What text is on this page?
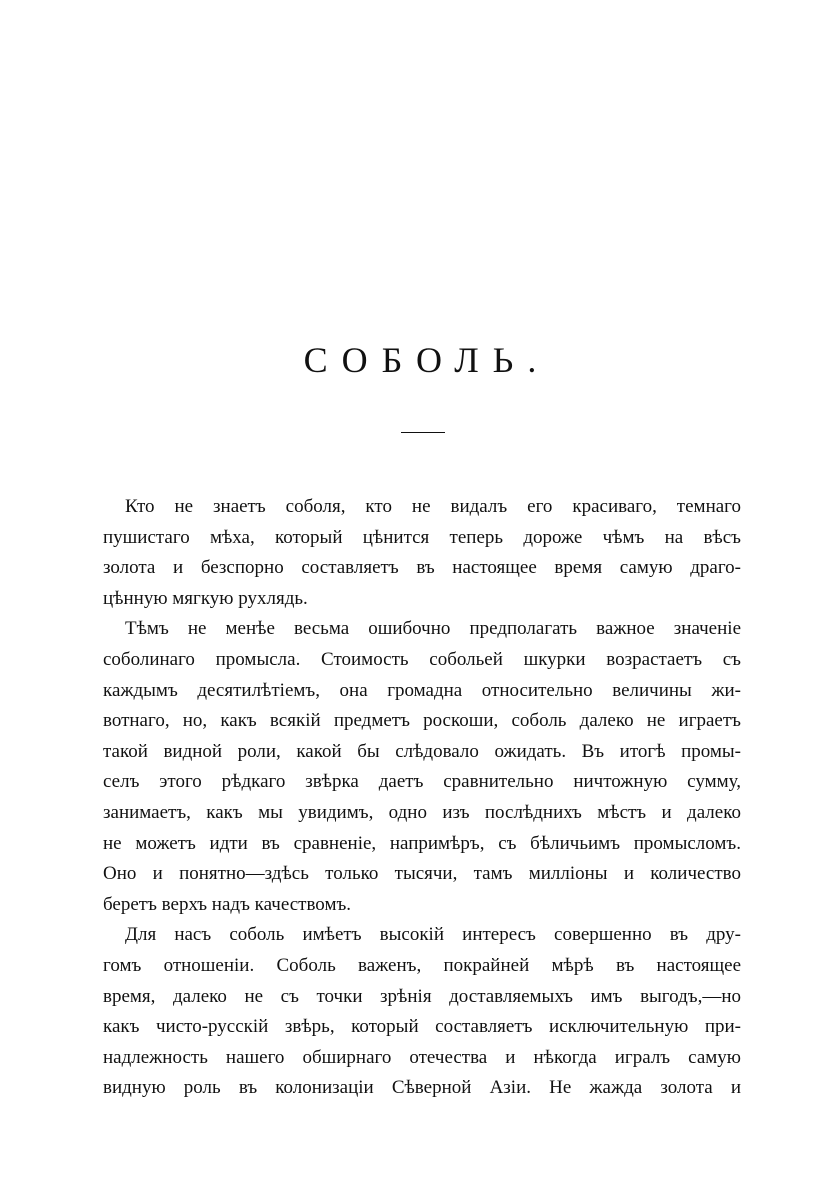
СОБОЛЬ.
Кто не знаетъ соболя, кто не видалъ его красиваго, темнаго
пушистаго мѣха, который цѣнится теперь дороже чѣмъ на вѣсъ
золота и безспорно составляетъ въ настоящее время самую драго-
цѣнную мягкую рухлядь.
Тѣмъ не менѣе весьма ошибочно предполагать важное значенiе
соболинаго промысла. Стоимость собольей шкурки возрастаетъ съ
каждымъ десятилѣтiемъ, она громадна относительно величины жи-
вотнаго, но, какъ всякiй предметъ роскоши, соболь далеко не играетъ
такой видной роли, какой бы слѣдовало ожидать. Въ итогѣ промы-
селъ этого рѣдкаго звѣрка даетъ сравнительно ничтожную сумму,
занимаетъ, какъ мы увидимъ, одно изъ послѣднихъ мѣстъ и далеко
не можетъ идти въ сравненiе, напримѣръ, съ бѣличьимъ промысломъ.
Оно и понятно—здѣсь только тысячи, тамъ миллiоны и количество
беретъ верхъ надъ качествомъ.
Для насъ соболь имѣетъ высокiй интересъ совершенно въ дру-
гомъ отношенiи. Соболь важенъ, покрайней мѣрѣ въ настоящее
время, далеко не съ точки зрѣнiя доставляемыхъ имъ выгодъ,—но
какъ чисто-русскiй звѣрь, который составляетъ исключительную при-
надлежность нашего обширнаго отечества и нѣкогда игралъ самую
видную роль въ колонизацiи Сѣверной Азiи. Не жажда золота и
